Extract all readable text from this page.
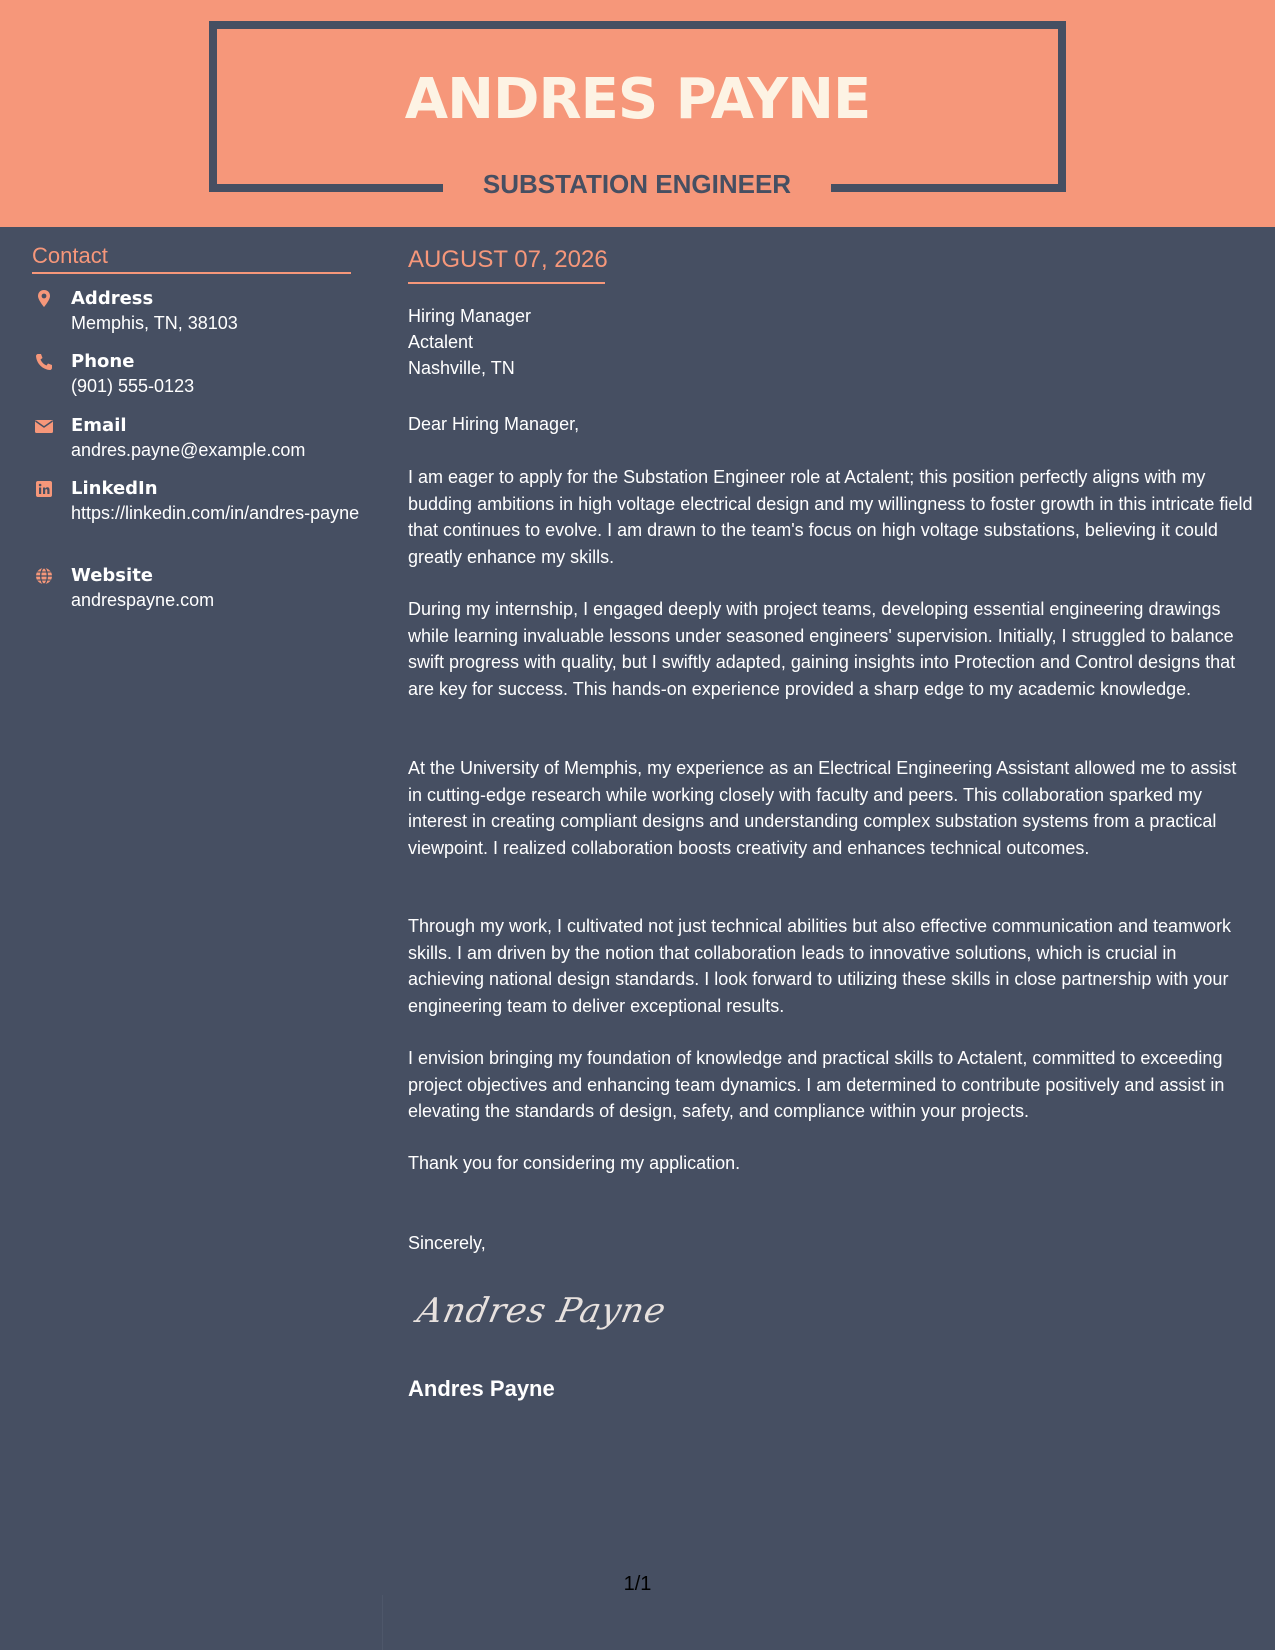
ANDRES PAYNE
SUBSTATION ENGINEER
Contact
Address
Memphis, TN, 38103
Phone
(901) 555-0123
Email
andres.payne@example.com
LinkedIn
https://linkedin.com/in/andres-payne
Website
andrespayne.com
AUGUST 07, 2026
Hiring Manager
Actalent
Nashville, TN

Dear Hiring Manager,

I am eager to apply for the Substation Engineer role at Actalent; this position perfectly aligns with my budding ambitions in high voltage electrical design and my willingness to foster growth in this intricate field that continues to evolve. I am drawn to the team's focus on high voltage substations, believing it could greatly enhance my skills.

During my internship, I engaged deeply with project teams, developing essential engineering drawings while learning invaluable lessons under seasoned engineers' supervision. Initially, I struggled to balance swift progress with quality, but I swiftly adapted, gaining insights into Protection and Control designs that are key for success. This hands-on experience provided a sharp edge to my academic knowledge.

At the University of Memphis, my experience as an Electrical Engineering Assistant allowed me to assist in cutting-edge research while working closely with faculty and peers. This collaboration sparked my interest in creating compliant designs and understanding complex substation systems from a practical viewpoint. I realized collaboration boosts creativity and enhances technical outcomes.

Through my work, I cultivated not just technical abilities but also effective communication and teamwork skills. I am driven by the notion that collaboration leads to innovative solutions, which is crucial in achieving national design standards. I look forward to utilizing these skills in close partnership with your engineering team to deliver exceptional results.

I envision bringing my foundation of knowledge and practical skills to Actalent, committed to exceeding project objectives and enhancing team dynamics. I am determined to contribute positively and assist in elevating the standards of design, safety, and compliance within your projects.

Thank you for considering my application.

Sincerely,

Andres Payne
Andres Payne
1/1
